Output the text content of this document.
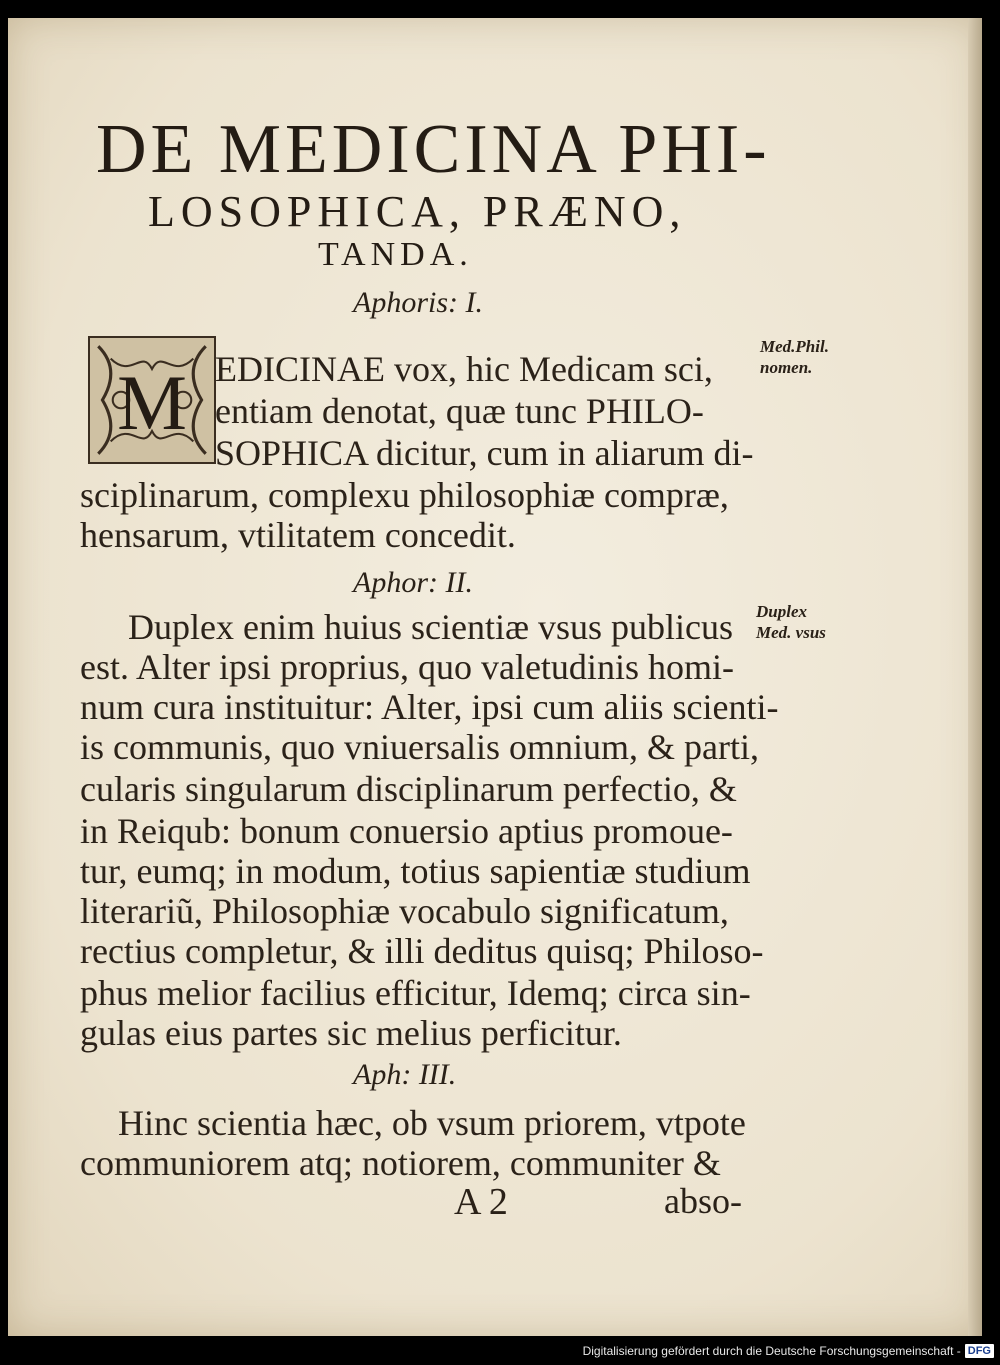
DE MEDICINA PHI-
LOSOPHICA, PRÆNO,
TANDA.
Aphoris: I.
M EDICINAE vox, hic Medicam sci,
entiam denotat, quæ tunc PHILO-
SOPHICA dicitur, cum in aliarum di-
sciplinarum, complexu philosophiæ compræ,
hensarum, vtilitatem concedit.
Med.Phil.
nomen.
Aphor: II.
Duplex enim huius scientiæ vsus publicus
est. Alter ipsi proprius, quo valetudinis homi-
num cura instituitur: Alter, ipsi cum aliis scienti-
is communis, quo vniuersalis omnium, & parti,
cularis singularum disciplinarum perfectio, &
in Reiqub: bonum conuersio aptius promoue-
tur, eumq; in modum, totius sapientiæ studium
literariũ, Philosophiæ vocabulo significatum,
rectius completur, & illi deditus quisq; Philoso-
phus melior facilius efficitur, Idemq; circa sin-
gulas eius partes sic melius perficitur.
Duplex
Med. vsus
Aph: III.
Hinc scientia hæc, ob vsum priorem, vtpote
communiorem atq; notiorem, communiter &
A 2	abso-
Digitalisierung gefördert durch die Deutsche Forschungsgemeinschaft - DFG
